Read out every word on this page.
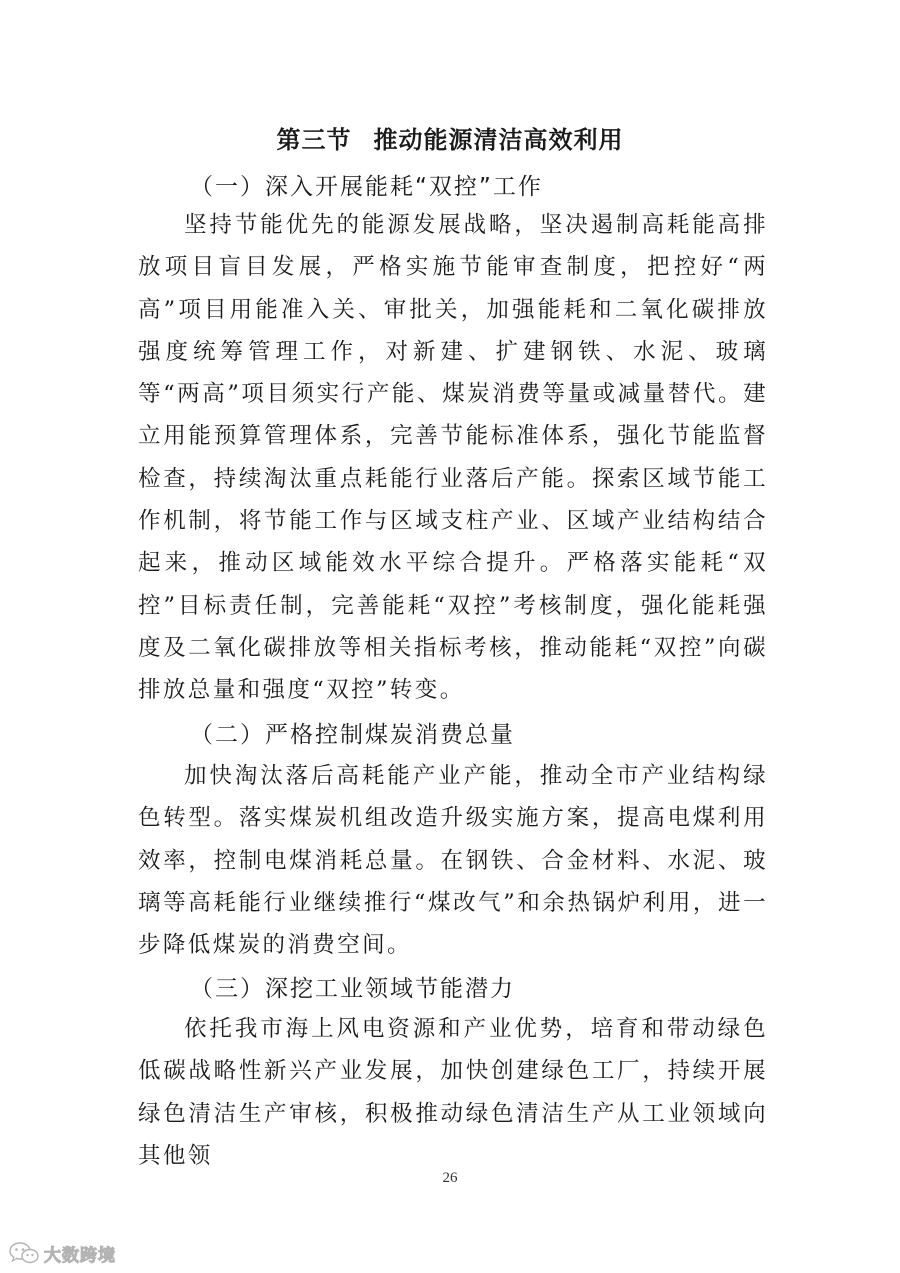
第三节 推动能源清洁高效利用
（一）深入开展能耗“双控”工作
坚持节能优先的能源发展战略，坚决遏制高耗能高排放项目盲目发展，严格实施节能审查制度，把控好“两高”项目用能准入关、审批关，加强能耗和二氧化碳排放强度统筹管理工作，对新建、扩建钢铁、水泥、玻璃等“两高”项目须实行产能、煤炭消费等量或减量替代。建立用能预算管理体系，完善节能标准体系，强化节能监督检查，持续淘汰重点耗能行业落后产能。探索区域节能工作机制，将节能工作与区域支柱产业、区域产业结构结合起来，推动区域能效水平综合提升。严格落实能耗“双控”目标责任制，完善能耗“双控”考核制度，强化能耗强度及二氧化碳排放等相关指标考核，推动能耗“双控”向碳排放总量和强度“双控”转变。
（二）严格控制煤炭消费总量
加快淘汰落后高耗能产业产能，推动全市产业结构绿色转型。落实煤炭机组改造升级实施方案，提高电煤利用效率，控制电煤消耗总量。在钢铁、合金材料、水泥、玻璃等高耗能行业继续推行“煤改气”和余热锅炉利用，进一步降低煤炭的消费空间。
（三）深挖工业领域节能潜力
依托我市海上风电资源和产业优势，培育和带动绿色低碳战略性新兴产业发展，加快创建绿色工厂，持续开展绿色清洁生产审核，积极推动绿色清洁生产从工业领域向其他领
26
大数跨境
